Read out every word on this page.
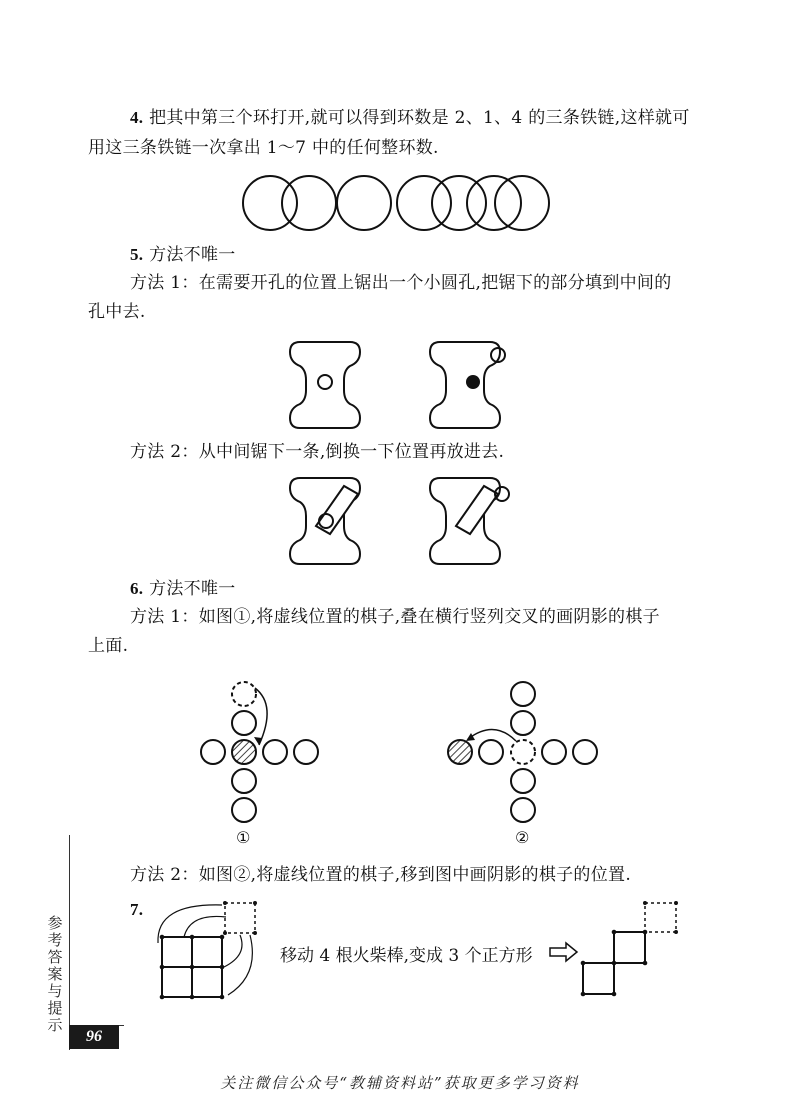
4. 把其中第三个环打开,就可以得到环数是 2、1、4 的三条铁链,这样就可
用这三条铁链一次拿出 1～7 中的任何整环数.
5. 方法不唯一
方法 1：在需要开孔的位置上锯出一个小圆孔,把锯下的部分填到中间的
孔中去.
方法 2：从中间锯下一条,倒换一下位置再放进去.
6. 方法不唯一
方法 1：如图①,将虚线位置的棋子,叠在横行竖列交叉的画阴影的棋子
上面.
①	②
方法 2：如图②,将虚线位置的棋子,移到图中画阴影的棋子的位置.
7.
移动 4 根火柴棒,变成 3 个正方形
参考答案与提示
96
关注微信公众号“教辅资料站”获取更多学习资料
